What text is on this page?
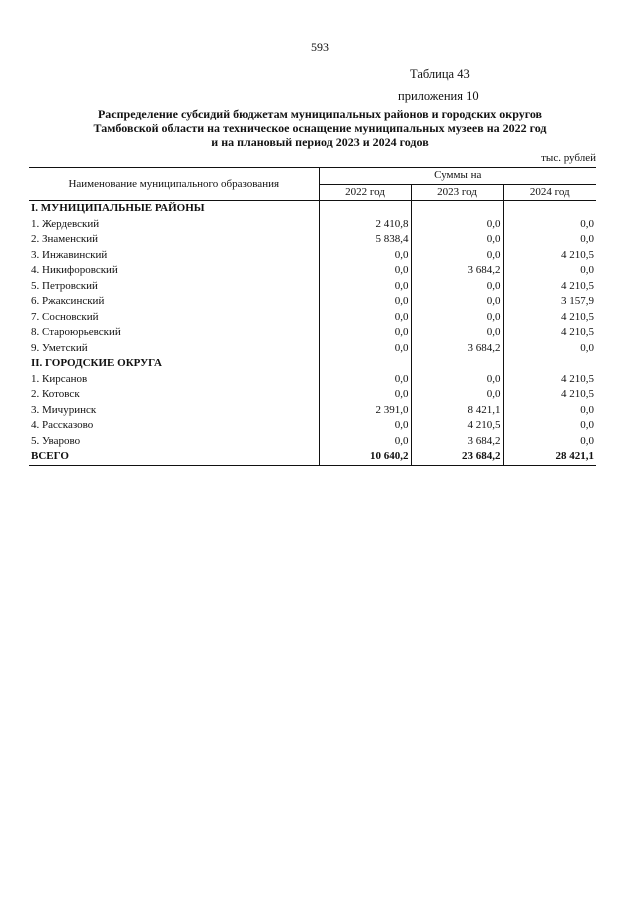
593
Таблица 43
приложения 10
Распределение субсидий бюджетам муниципальных районов и городских округов
Тамбовской области на техническое оснащение муниципальных музеев на 2022 год
и на плановый период 2023 и 2024 годов
тыс. рублей
Наименование муниципального образования	Суммы на		
	2022 год	2023 год	2024 год
I. МУНИЦИПАЛЬНЫЕ РАЙОНЫ			
1. Жердевский	2 410,8	0,0	0,0
2. Знаменский	5 838,4	0,0	0,0
3. Инжавинский	0,0	0,0	4 210,5
4. Никифоровский	0,0	3 684,2	0,0
5. Петровский	0,0	0,0	4 210,5
6. Ржаксинский	0,0	0,0	3 157,9
7. Сосновский	0,0	0,0	4 210,5
8. Староюрьевский	0,0	0,0	4 210,5
9. Уметский	0,0	3 684,2	0,0
II. ГОРОДСКИЕ ОКРУГА			
1. Кирсанов	0,0	0,0	4 210,5
2. Котовск	0,0	0,0	4 210,5
3. Мичуринск	2 391,0	8 421,1	0,0
4. Рассказово	0,0	4 210,5	0,0
5. Уварово	0,0	3 684,2	0,0
ВСЕГО	10 640,2	23 684,2	28 421,1
